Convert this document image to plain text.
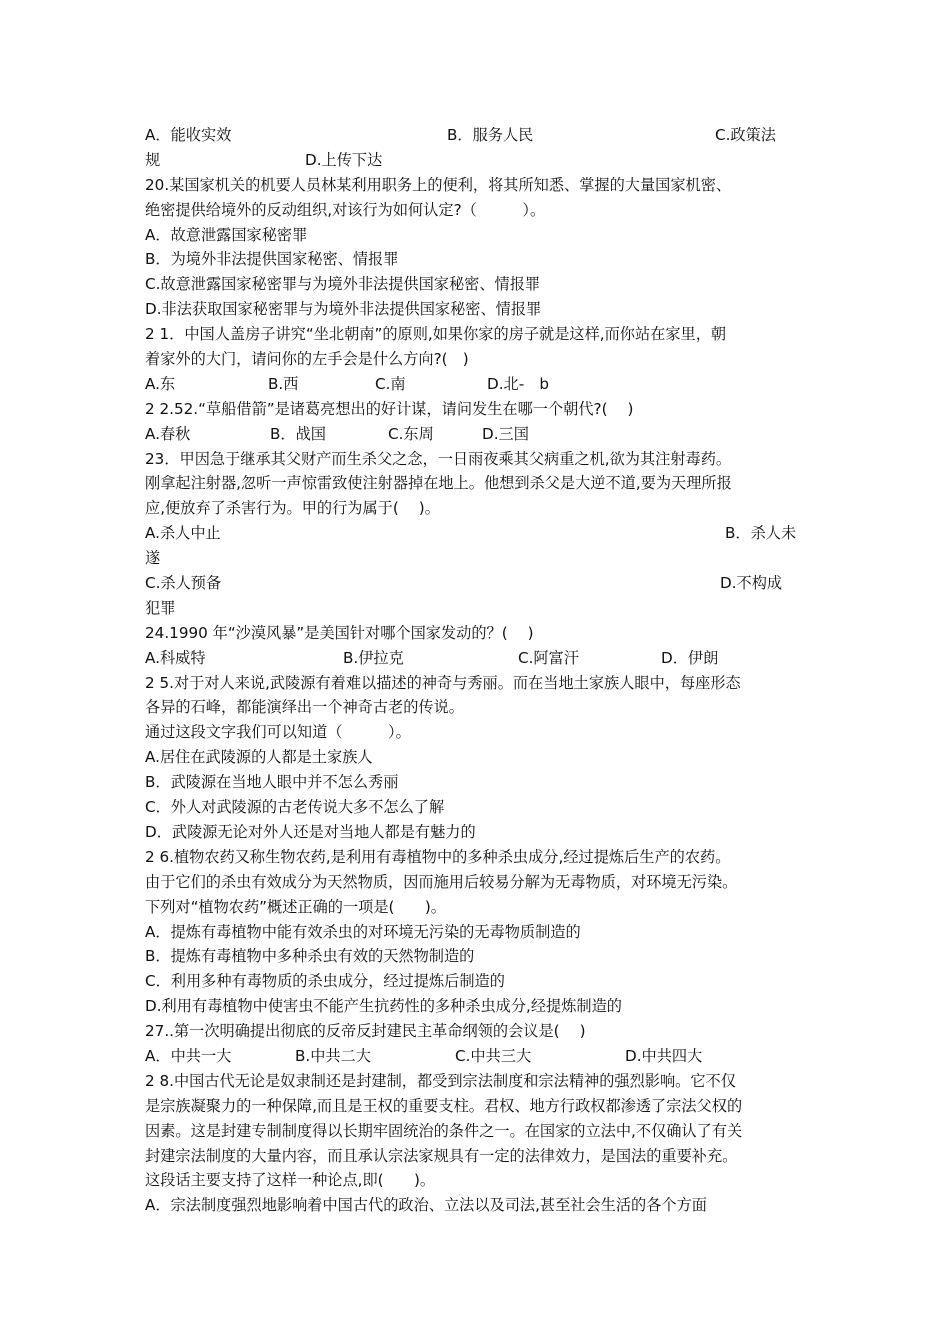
A．能收实效	B．服务人民	C.政策法
规	D.上传下达
20.某国家机关的机要人员林某利用职务上的便利，将其所知悉、掌握的大量国家机密、
绝密提供给境外的反动组织,对该行为如何认定?（　　　）。
A．故意泄露国家秘密罪
B．为境外非法提供国家秘密、情报罪
C.故意泄露国家秘密罪与为境外非法提供国家秘密、情报罪
D.非法获取国家秘密罪与为境外非法提供国家秘密、情报罪
2 1．中国人盖房子讲究“坐北朝南”的原则,如果你家的房子就是这样,而你站在家里，朝
着家外的大门，请问你的左手会是什么方向?(　)
A.东	B.西	C.南	D.北-　b
2 2.52.“草船借箭”是诸葛亮想出的好计谋，请问发生在哪一个朝代?(　 )
A.春秋	B．战国	C.东周	D.三国
23．甲因急于继承其父财产而生杀父之念，一日雨夜乘其父病重之机,欲为其注射毒药。
刚拿起注射器,忽听一声惊雷致使注射器掉在地上。他想到杀父是大逆不道,要为天理所报
应,便放弃了杀害行为。甲的行为属于(　 )。
A.杀人中止	B．杀人未
遂
C.杀人预备	D.不构成
犯罪
24.1990 年“沙漠风暴”是美国针对哪个国家发动的？(　 )
A.科威特	B.伊拉克	C.阿富汗	D．伊朗
2 5.对于对人来说,武陵源有着难以描述的神奇与秀丽。而在当地土家族人眼中，每座形态
各异的石峰，都能演绎出一个神奇古老的传说。
通过这段文字我们可以知道（　　　）。
A.居住在武陵源的人都是土家族人
B．武陵源在当地人眼中并不怎么秀丽
C．外人对武陵源的古老传说大多不怎么了解
D．武陵源无论对外人还是对当地人都是有魅力的
2 6.植物农药又称生物农药,是利用有毒植物中的多种杀虫成分,经过提炼后生产的农药。
由于它们的杀虫有效成分为天然物质，因而施用后较易分解为无毒物质，对环境无污染。
下列对“植物农药”概述正确的一项是(　　)。
A．提炼有毒植物中能有效杀虫的对环境无污染的无毒物质制造的
B．提炼有毒植物中多种杀虫有效的天然物制造的
C．利用多种有毒物质的杀虫成分，经过提炼后制造的
D.利用有毒植物中使害虫不能产生抗药性的多种杀虫成分,经提炼制造的
27..第一次明确提出彻底的反帝反封建民主革命纲领的会议是(　 )
A．中共一大	B.中共二大	C.中共三大	D.中共四大
2 8.中国古代无论是奴隶制还是封建制，都受到宗法制度和宗法精神的强烈影响。它不仅
是宗族凝聚力的一种保障,而且是王权的重要支柱。君权、地方行政权都渗透了宗法父权的
因素。这是封建专制制度得以长期牢固统治的条件之一。在国家的立法中,不仅确认了有关
封建宗法制度的大量内容，而且承认宗法家规具有一定的法律效力，是国法的重要补充。
这段话主要支持了这样一种论点,即(　　)。
A．宗法制度强烈地影响着中国古代的政治、立法以及司法,甚至社会生活的各个方面
